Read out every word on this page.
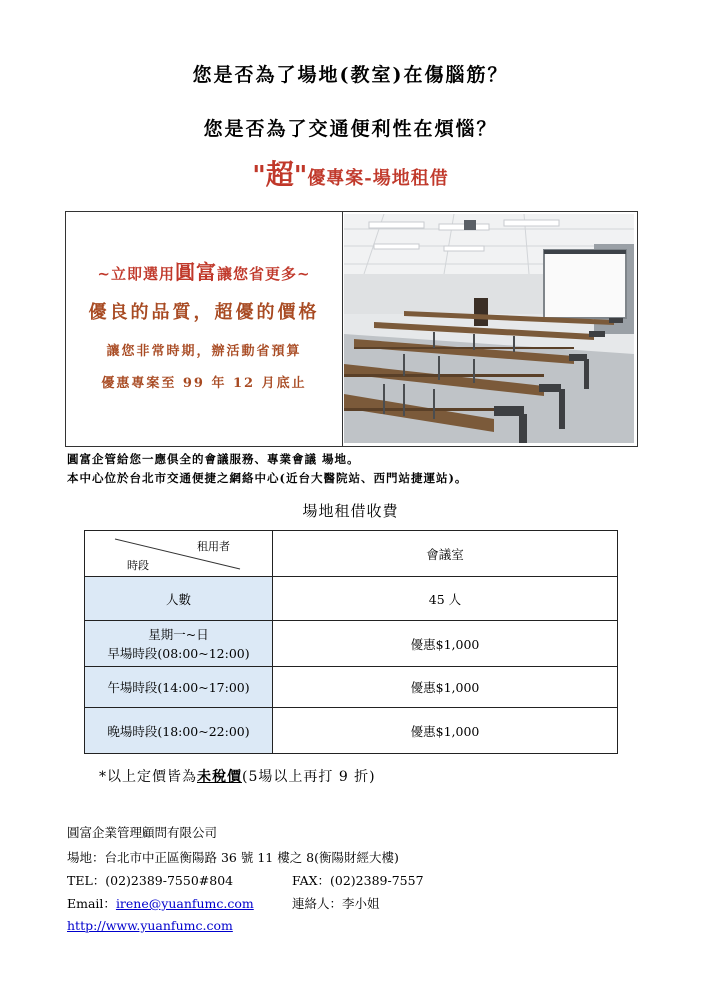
您是否為了場地(教室)在傷腦筋？
您是否為了交通便利性在煩惱？
"超"優專案-場地租借
~立即選用圓富讓您省更多~
優良的品質，超優的價格
讓您非常時期，辦活動省預算
優惠專案至 99 年 12 月底止
圓富企管給您一應俱全的會議服務、專業會議 場地。
本中心位於台北市交通便捷之網絡中心(近台大醫院站、西門站捷運站)。
場地租借收費
租用者
時段	會議室
人數	45 人

星期一~日
早場時段(08:00~12:00)	優惠$1,000
午場時段(14:00~17:00)	優惠$1,000
晚場時段(18:00~22:00)	優惠$1,000
*以上定價皆為未稅價(5場以上再打 9 折)
圓富企業管理顧問有限公司
場地：台北市中正區衡陽路 36 號 11 樓之 8(衡陽財經大樓)
TEL：(02)2389-7550#804	FAX：(02)2389-7557
Email：irene@yuanfumc.com	連絡人：李小姐
http://www.yuanfumc.com
